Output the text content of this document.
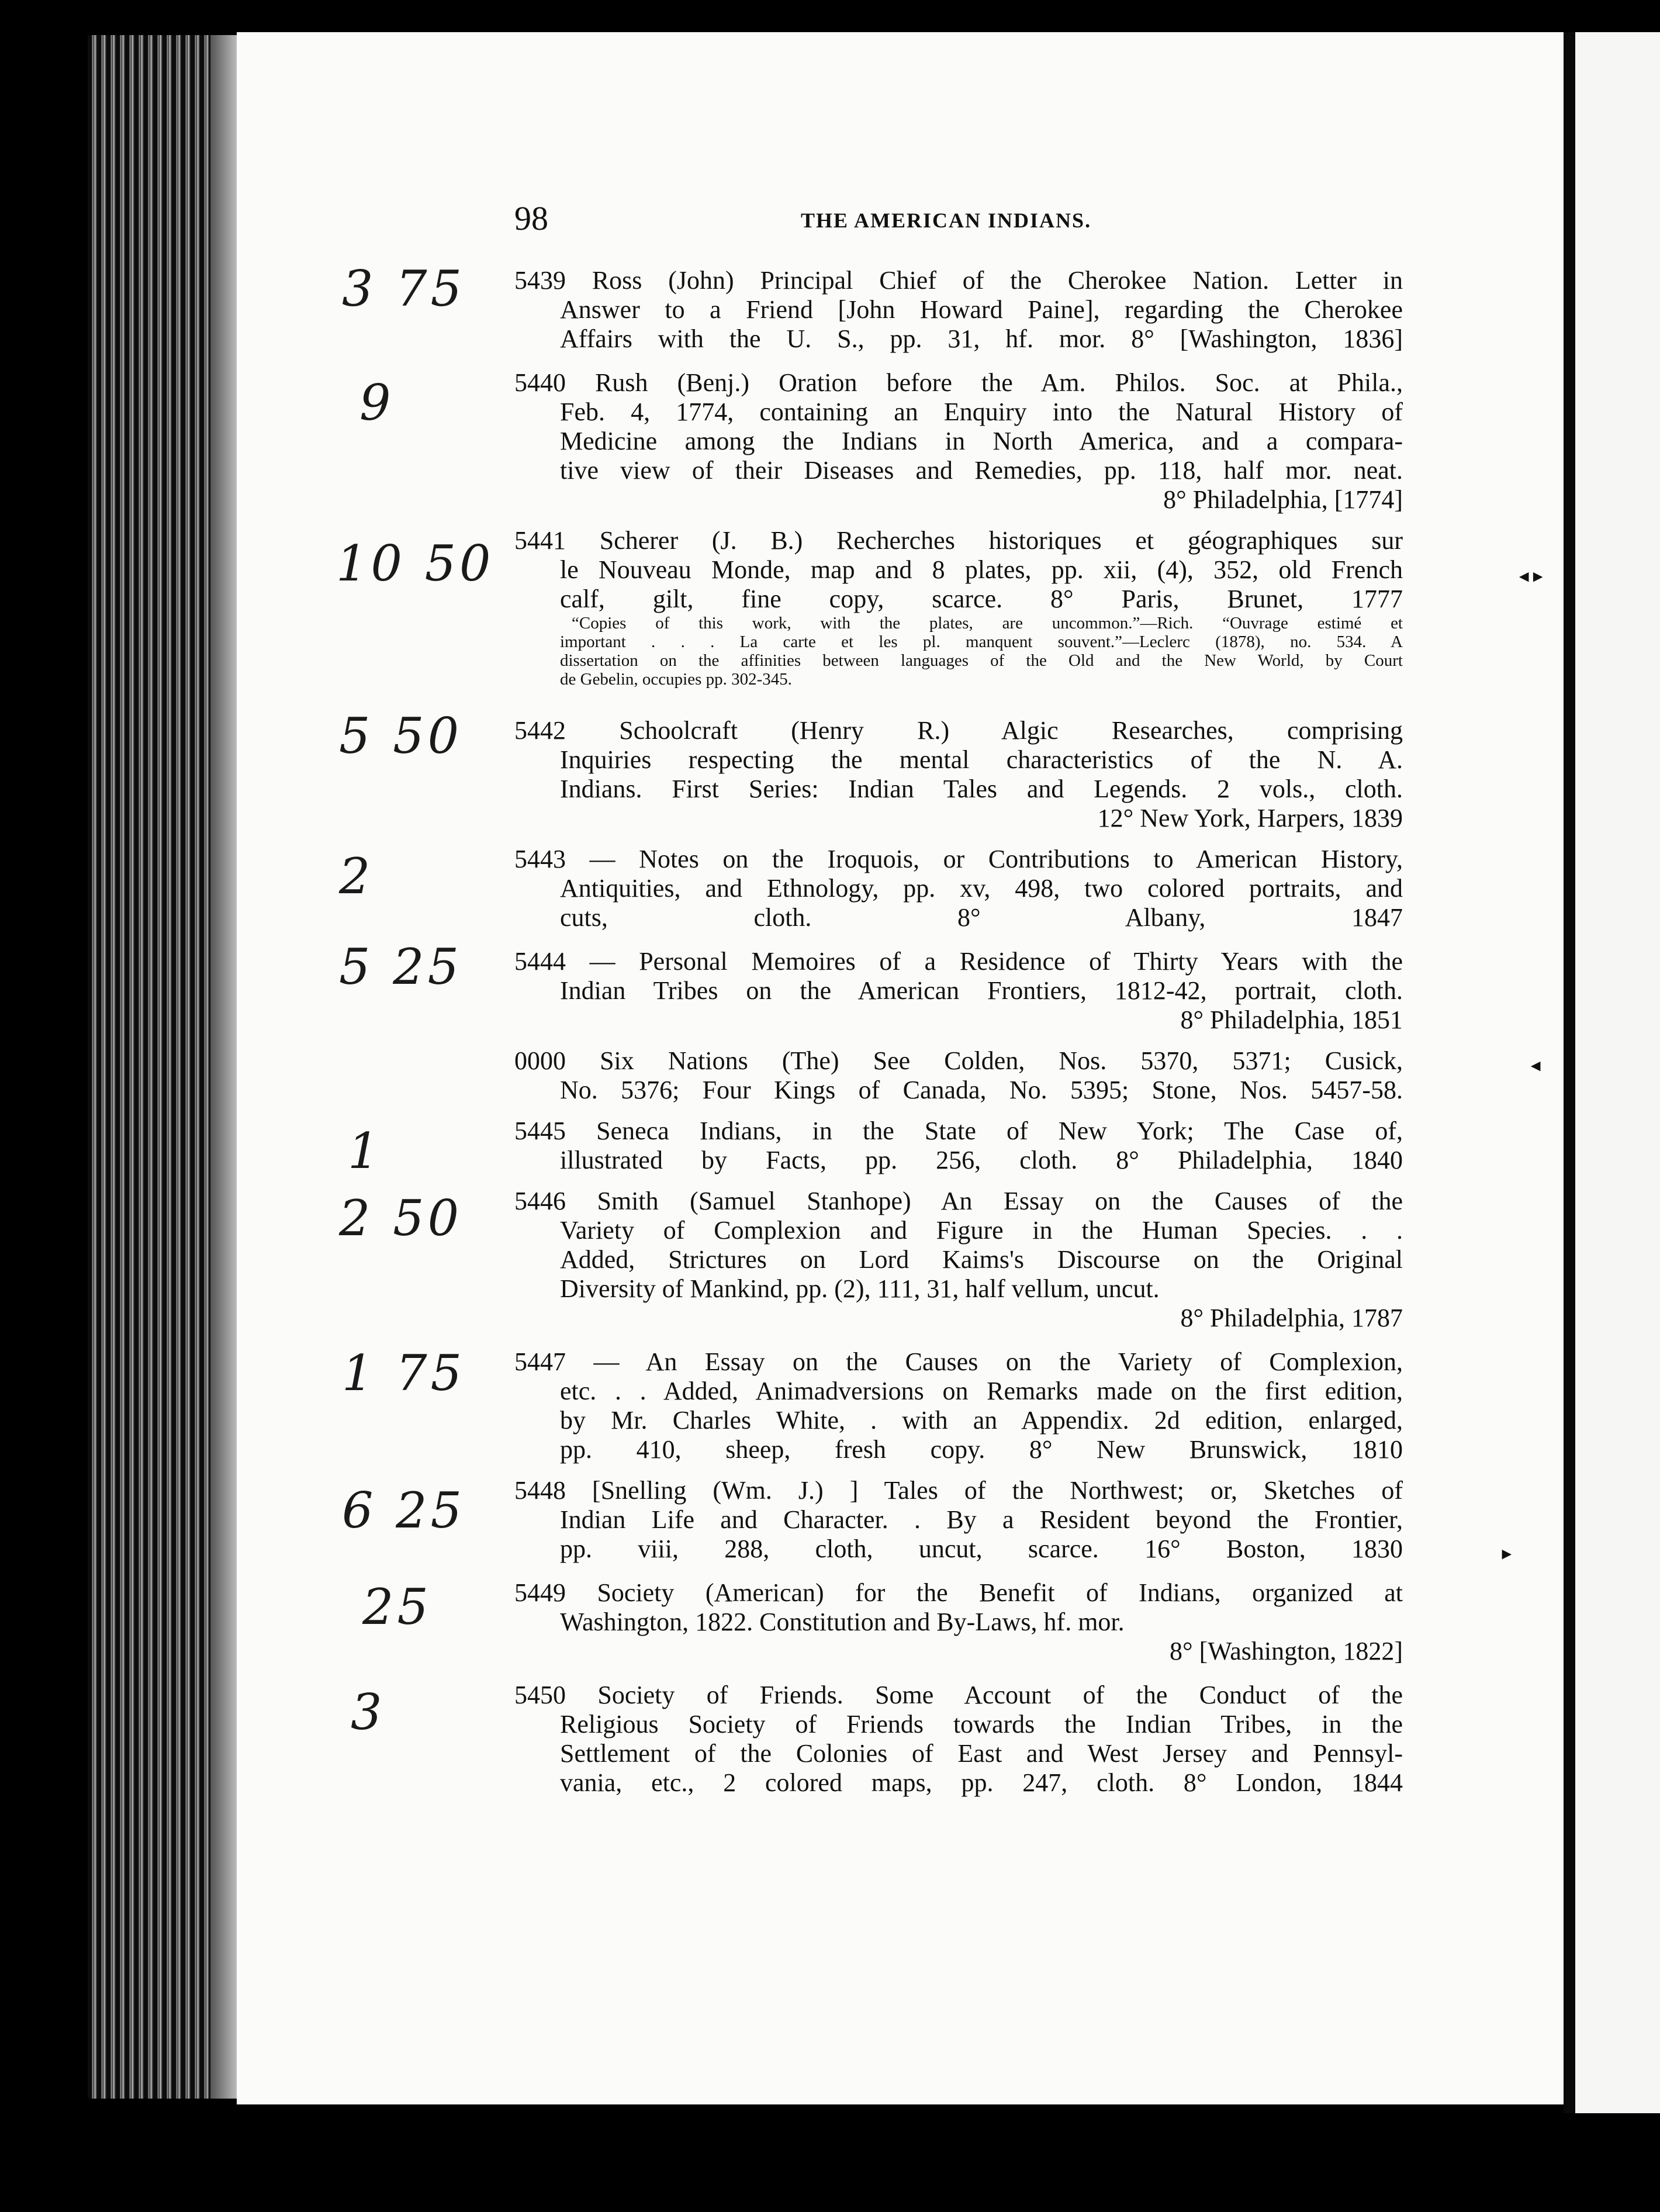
◂ ▸
◂
▸
98	THE AMERICAN INDIANS.
3 75
9
10 50
5 50
2
5 25
1
2 50
1 75
6 25
25
3
5439 Ross (John) Principal Chief of the Cherokee Nation. Letter in
Answer to a Friend [John Howard Paine], regarding the Cherokee
Affairs with the U. S., pp. 31, hf. mor. 8° [Washington, 1836]
5440 Rush (Benj.) Oration before the Am. Philos. Soc. at Phila.,
Feb. 4, 1774, containing an Enquiry into the Natural History of
Medicine among the Indians in North America, and a compara-
tive view of their Diseases and Remedies, pp. 118, half mor. neat.
8° Philadelphia, [1774]
5441 Scherer (J. B.) Recherches historiques et géographiques sur
le Nouveau Monde, map and 8 plates, pp. xii, (4), 352, old French
calf, gilt, fine copy, scarce. 8° Paris, Brunet, 1777
“Copies of this work, with the plates, are uncommon.”—Rich. “Ouvrage estimé et
important . . . La carte et les pl. manquent souvent.”—Leclerc (1878), no. 534. A
dissertation on the affinities between languages of the Old and the New World, by Court
de Gebelin, occupies pp. 302-345.
5442 Schoolcraft (Henry R.) Algic Researches, comprising
Inquiries respecting the mental characteristics of the N. A.
Indians. First Series: Indian Tales and Legends. 2 vols., cloth.
12° New York, Harpers, 1839
5443 — Notes on the Iroquois, or Contributions to American History,
Antiquities, and Ethnology, pp. xv, 498, two colored portraits, and
cuts, cloth. 8° Albany, 1847
5444 — Personal Memoires of a Residence of Thirty Years with the
Indian Tribes on the American Frontiers, 1812-42, portrait, cloth.
8° Philadelphia, 1851
0000 Six Nations (The) See Colden, Nos. 5370, 5371; Cusick,
No. 5376; Four Kings of Canada, No. 5395; Stone, Nos. 5457-58.
5445 Seneca Indians, in the State of New York; The Case of,
illustrated by Facts, pp. 256, cloth. 8° Philadelphia, 1840
5446 Smith (Samuel Stanhope) An Essay on the Causes of the
Variety of Complexion and Figure in the Human Species. . .
Added, Strictures on Lord Kaims's Discourse on the Original
Diversity of Mankind, pp. (2), 111, 31, half vellum, uncut.
8° Philadelphia, 1787
5447 — An Essay on the Causes on the Variety of Complexion,
etc. . . Added, Animadversions on Remarks made on the first edition,
by Mr. Charles White, . with an Appendix. 2d edition, enlarged,
pp. 410, sheep, fresh copy. 8° New Brunswick, 1810
5448 [Snelling (Wm. J.) ] Tales of the Northwest; or, Sketches of
Indian Life and Character. . By a Resident beyond the Frontier,
pp. viii, 288, cloth, uncut, scarce. 16° Boston, 1830
5449 Society (American) for the Benefit of Indians, organized at
Washington, 1822. Constitution and By-Laws, hf. mor.
8° [Washington, 1822]
5450 Society of Friends. Some Account of the Conduct of the
Religious Society of Friends towards the Indian Tribes, in the
Settlement of the Colonies of East and West Jersey and Pennsyl-
vania, etc., 2 colored maps, pp. 247, cloth. 8° London, 1844
